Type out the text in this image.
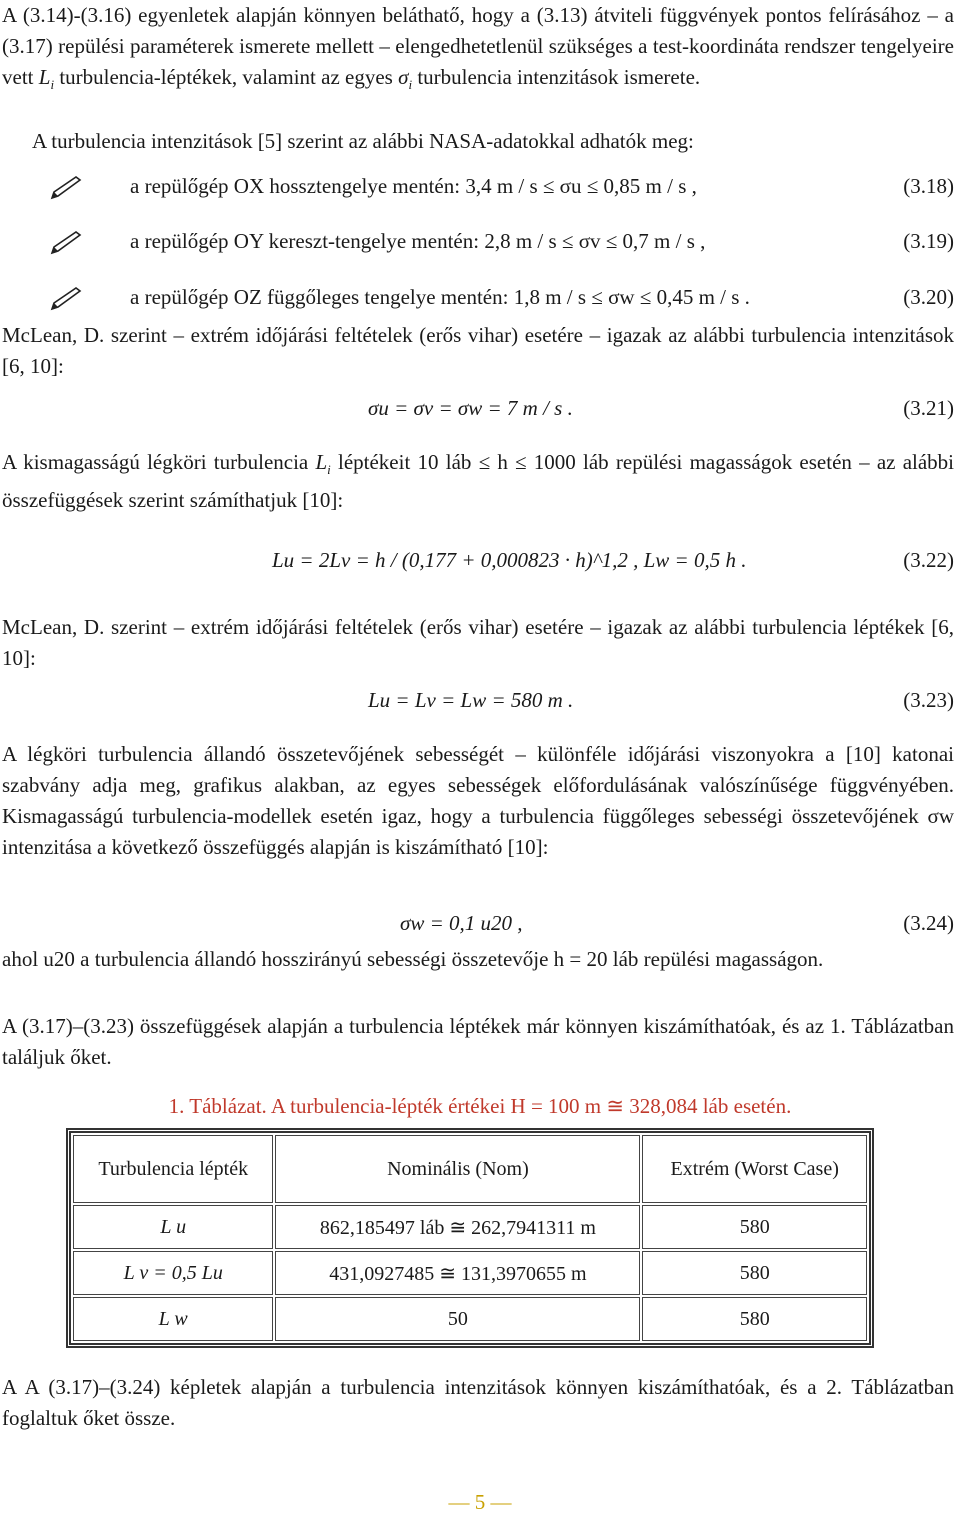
A (3.14)-(3.16) egyenletek alapján könnyen beláthatő, hogy a (3.13) átviteli függvények pontos felírásához – a (3.17) repülési paraméterek ismerete mellett – elengedhetetlenül szükséges a test-koordináta rendszer tengelyeire vett $L_i$ turbulencia-léptékek, valamint az egyes $\sigma_i$ turbulencia intenzitások ismerete.
A turbulencia intenzitások [5] szerint az alábbi NASA-adatokkal adhatók meg:
a repülőgép OX hossztengelye mentén: 3,4 m / s ≤ σu ≤ 0,85 m / s ,	(3.18)
a repülőgép OY kereszt-tengelye mentén: 2,8 m / s ≤ σv ≤ 0,7 m / s ,	(3.19)
a repülőgép OZ függőleges tengelye mentén: 1,8 m / s ≤ σw ≤ 0,45 m / s .	(3.20)
McLean, D. szerint – extrém időjárási feltételek (erős vihar) esetére – igazak az alábbi turbulencia intenzitások [6, 10]:
σu = σv = σw = 7 m / s .	(3.21)
A kismagasságú légköri turbulencia $L_i$ léptékeit 10 láb ≤ h ≤ 1000 láb repülési magasságok esetén – az alábbi összefüggések szerint számíthatjuk [10]:
Lu = 2Lv = h / (0,177 + 0,000823 · h)^1,2 , Lw = 0,5 h .	(3.22)
McLean, D. szerint – extrém időjárási feltételek (erős vihar) esetére – igazak az alábbi turbulencia léptékek [6, 10]:
Lu = Lv = Lw = 580 m .	(3.23)
A légköri turbulencia állandó összetevőjének sebességét – különféle időjárási viszonyokra a [10] katonai szabvány adja meg, grafikus alakban, az egyes sebességek előfordulásának valószínűsége függvényében. Kismagasságú turbulencia-modellek esetén igaz, hogy a turbulencia függőleges sebességi összetevőjének σw intenzitása a következő összefüggés alapján is kiszámítható [10]:
σw = 0,1 u20 ,	(3.24)
ahol u20 a turbulencia állandó hosszirányú sebességi összetevője h = 20 láb repülési magasságon.
A (3.17)–(3.23) összefüggések alapján a turbulencia léptékek már könnyen kiszámíthatóak, és az 1. Táblázatban találjuk őket.
1. Táblázat. A turbulencia-lépték értékei H = 100 m ≅ 328,084 láb esetén.
Turbulencia lépték	Nominális (Nom)	Extrém (Worst Case)
L u	862,185497 láb ≅ 262,7941311 m	580
L v = 0,5 Lu	431,0927485 ≅ 131,3970655 m	580
L w	50	580
A A (3.17)–(3.24) képletek alapján a turbulencia intenzitások könnyen kiszámíthatóak, és a 2. Táblázatban foglaltuk őket össze.
— 5 —
